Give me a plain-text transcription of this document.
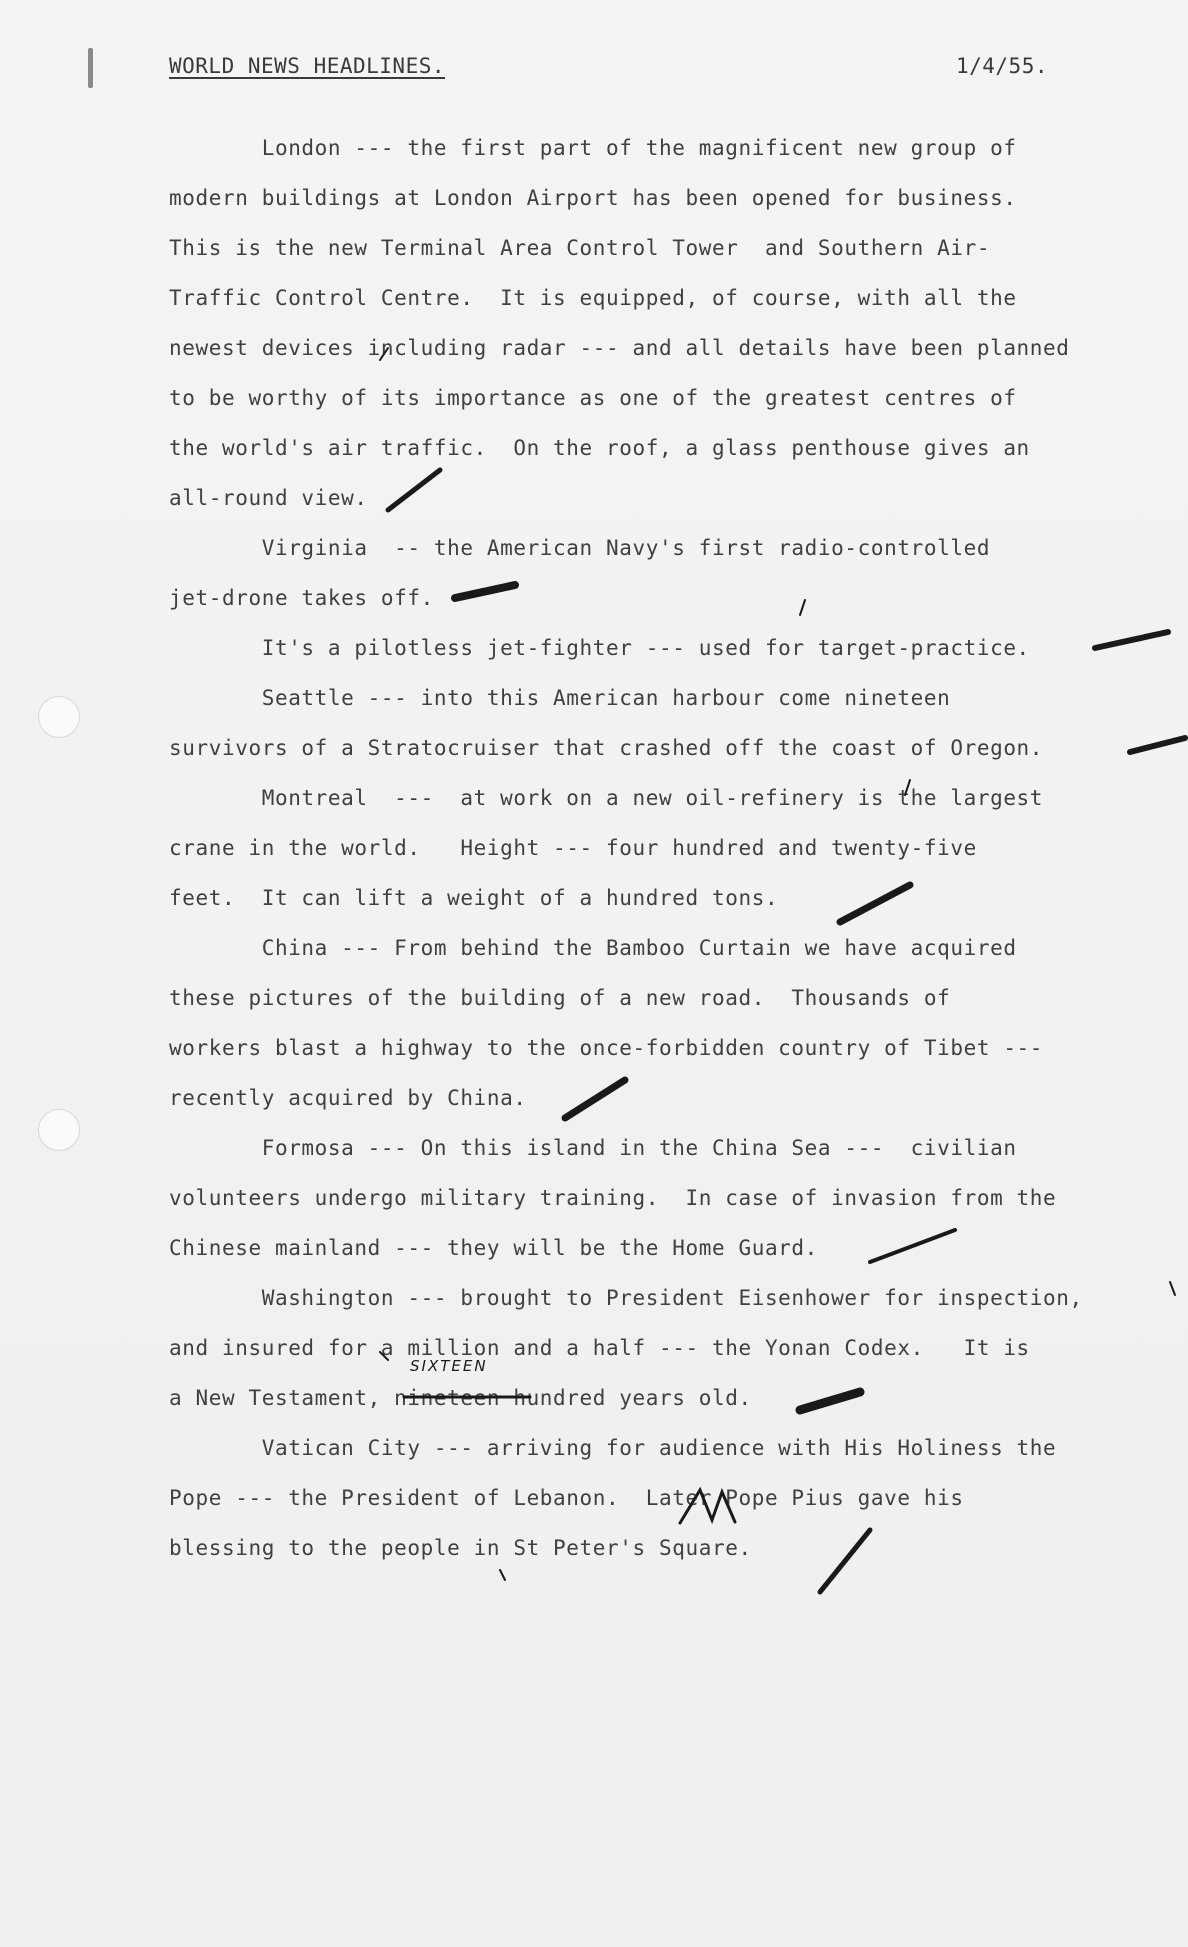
WORLD NEWS HEADLINES.	1/4/55.
London --- the first part of the magnificent new group of
modern buildings at London Airport has been opened for business.
This is the new Terminal Area Control Tower  and Southern Air-
Traffic Control Centre.  It is equipped, of course, with all the
newest devices including radar --- and all details have been planned
to be worthy of its importance as one of the greatest centres of
the world's air traffic.  On the roof, a glass penthouse gives an
all-round view.
Virginia  -- the American Navy's first radio-controlled
jet-drone takes off.
It's a pilotless jet-fighter --- used for target-practice.
Seattle --- into this American harbour come nineteen
survivors of a Stratocruiser that crashed off the coast of Oregon.
Montreal  ---  at work on a new oil-refinery is the largest
crane in the world.   Height --- four hundred and twenty-five
feet.  It can lift a weight of a hundred tons.
China --- From behind the Bamboo Curtain we have acquired
these pictures of the building of a new road.  Thousands of
workers blast a highway to the once-forbidden country of Tibet ---
recently acquired by China.
Formosa --- On this island in the China Sea ---  civilian
volunteers undergo military training.  In case of invasion from the
Chinese mainland --- they will be the Home Guard.
Washington --- brought to President Eisenhower for inspection,
and insured for a million and a half --- the Yonan Codex.   It is
a New Testament, nineteen hundred years old.
Vatican City --- arriving for audience with His Holiness the
Pope --- the President of Lebanon.  Later Pope Pius gave his
blessing to the people in St Peter's Square.
SIXTEEN
